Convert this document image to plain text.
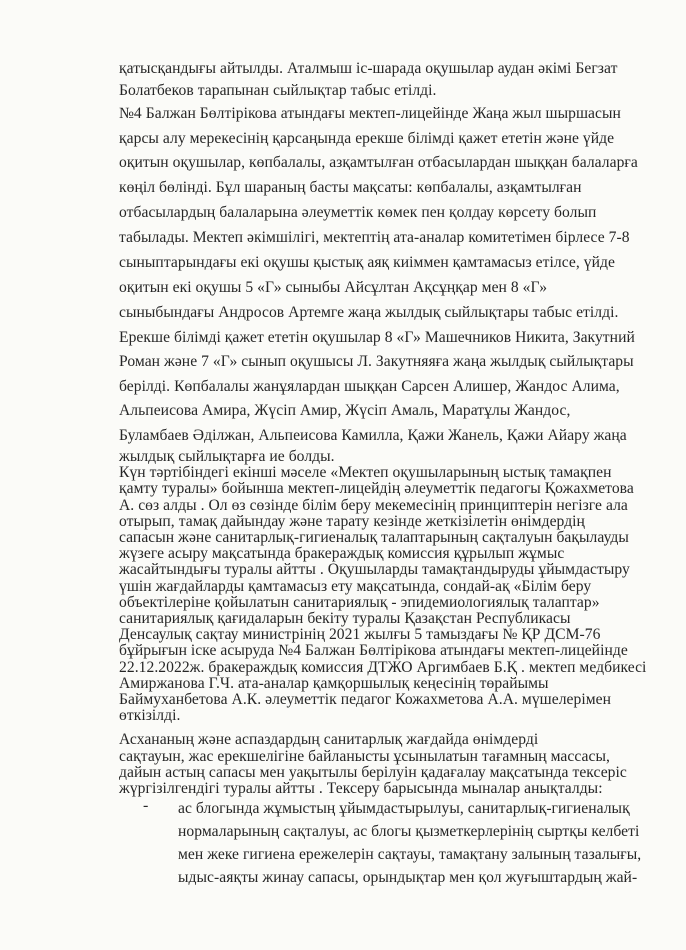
қатысқандығы айтылды. Аталмыш іс-шарада оқушылар аудан әкімі Бегзат
Болатбеков тарапынан сыйлықтар табыс етілді.
№4 Балжан Бөлтірікова атындағы мектеп-лицейінде Жаңа жыл шыршасын
қарсы алу мерекесінің қарсаңында ерекше білімді қажет ететін және үйде
оқитын оқушылар, көпбалалы, азқамтылған отбасылардан шыққан балаларға
көңіл бөлінді. Бұл шараның басты мақсаты: көпбалалы, азқамтылған
отбасылардың балаларына әлеуметтік көмек пен қолдау көрсету болып
табылады. Мектеп әкімшілігі, мектептің ата-аналар комитетімен бірлесе 7-8
сыныптарындағы екі оқушы қыстық аяқ киіммен қамтамасыз етілсе, үйде
оқитын екі оқушы 5 «Г» сыныбы Айсұлтан Ақсұңқар мен 8 «Г»
сыныбындағы Андросов Артемге жаңа жылдық сыйлықтары табыс етілді.
Ерекше білімді қажет ететін оқушылар 8 «Г» Машечников Никита, Закутний
Роман және 7 «Г» сынып оқушысы Л. Закутняяға жаңа жылдық сыйлықтары
берілді. Көпбалалы жанұялардан шыққан Сарсен Алишер, Жандос Алима,
Альпеисова Амира, Жүсіп Амир, Жүсіп Амаль, Маратұлы Жандос,
Буламбаев Әділжан, Альпеисова Камилла, Қажи Жанель, Қажи Айару жаңа
жылдық сыйлықтарға ие болды.
Күн тәртібіндегі екінші мәселе «Мектеп оқушыларының ыстық тамақпен
қамту туралы» бойынша мектеп-лицейдің әлеуметтік педагогы Қожахметова
А. сөз алды . Ол өз сөзінде білім беру мекемесінің принциптерін негізге ала
отырып, тамақ дайындау және тарату кезінде жеткізілетін өнімдердің
сапасын және санитарлық-гигиеналық талаптарының сақталуын бақылауды
жүзеге асыру мақсатында бракераждық комиссия құрылып жұмыс
жасайтындығы туралы айтты . Оқушыларды тамақтандыруды ұйымдастыру
үшін жағдайларды қамтамасыз ету мақсатында, сондай-ақ «Білім беру
объектілеріне қойылатын санитариялық - эпидемиологиялық талаптар»
санитариялық қағидаларын бекіту туралы Қазақстан Республикасы
Денсаулық сақтау министрінің 2021 жылғы 5 тамыздағы № ҚР ДСМ-76
бұйрығын іске асыруда №4 Балжан Бөлтірікова атындағы мектеп-лицейінде
22.12.2022ж. бракераждық комиссия ДТЖО Аргимбаев Б.Қ . мектеп медбикесі
Амиржанова Г.Ч. ата-аналар қамқоршылық кеңесінің төрайымы
Баймуханбетова А.К. әлеуметтік педагог Кожахметова А.А. мүшелерімен
өткізілді.
Асхананың және аспаздардың санитарлық жағдайда өнімдерді
сақтауын, жас ерекшелігіне байланысты ұсынылатын тағамның массасы,
дайын астың сапасы мен уақытылы берілуін қадағалау мақсатында тексеріс
жүргізілгендігі туралы айтты . Тексеру барысында мыналар анықталды:
- ас блогында жұмыстың ұйымдастырылуы, санитарлық-гигиеналық
нормаларының сақталуы, ас блогы қызметкерлерінің сыртқы келбеті
мен жеке гигиена ережелерін сақтауы, тамақтану залының тазалығы,
ыдыс-аяқты жинау сапасы, орындықтар мен қол жуғыштардың жай-
